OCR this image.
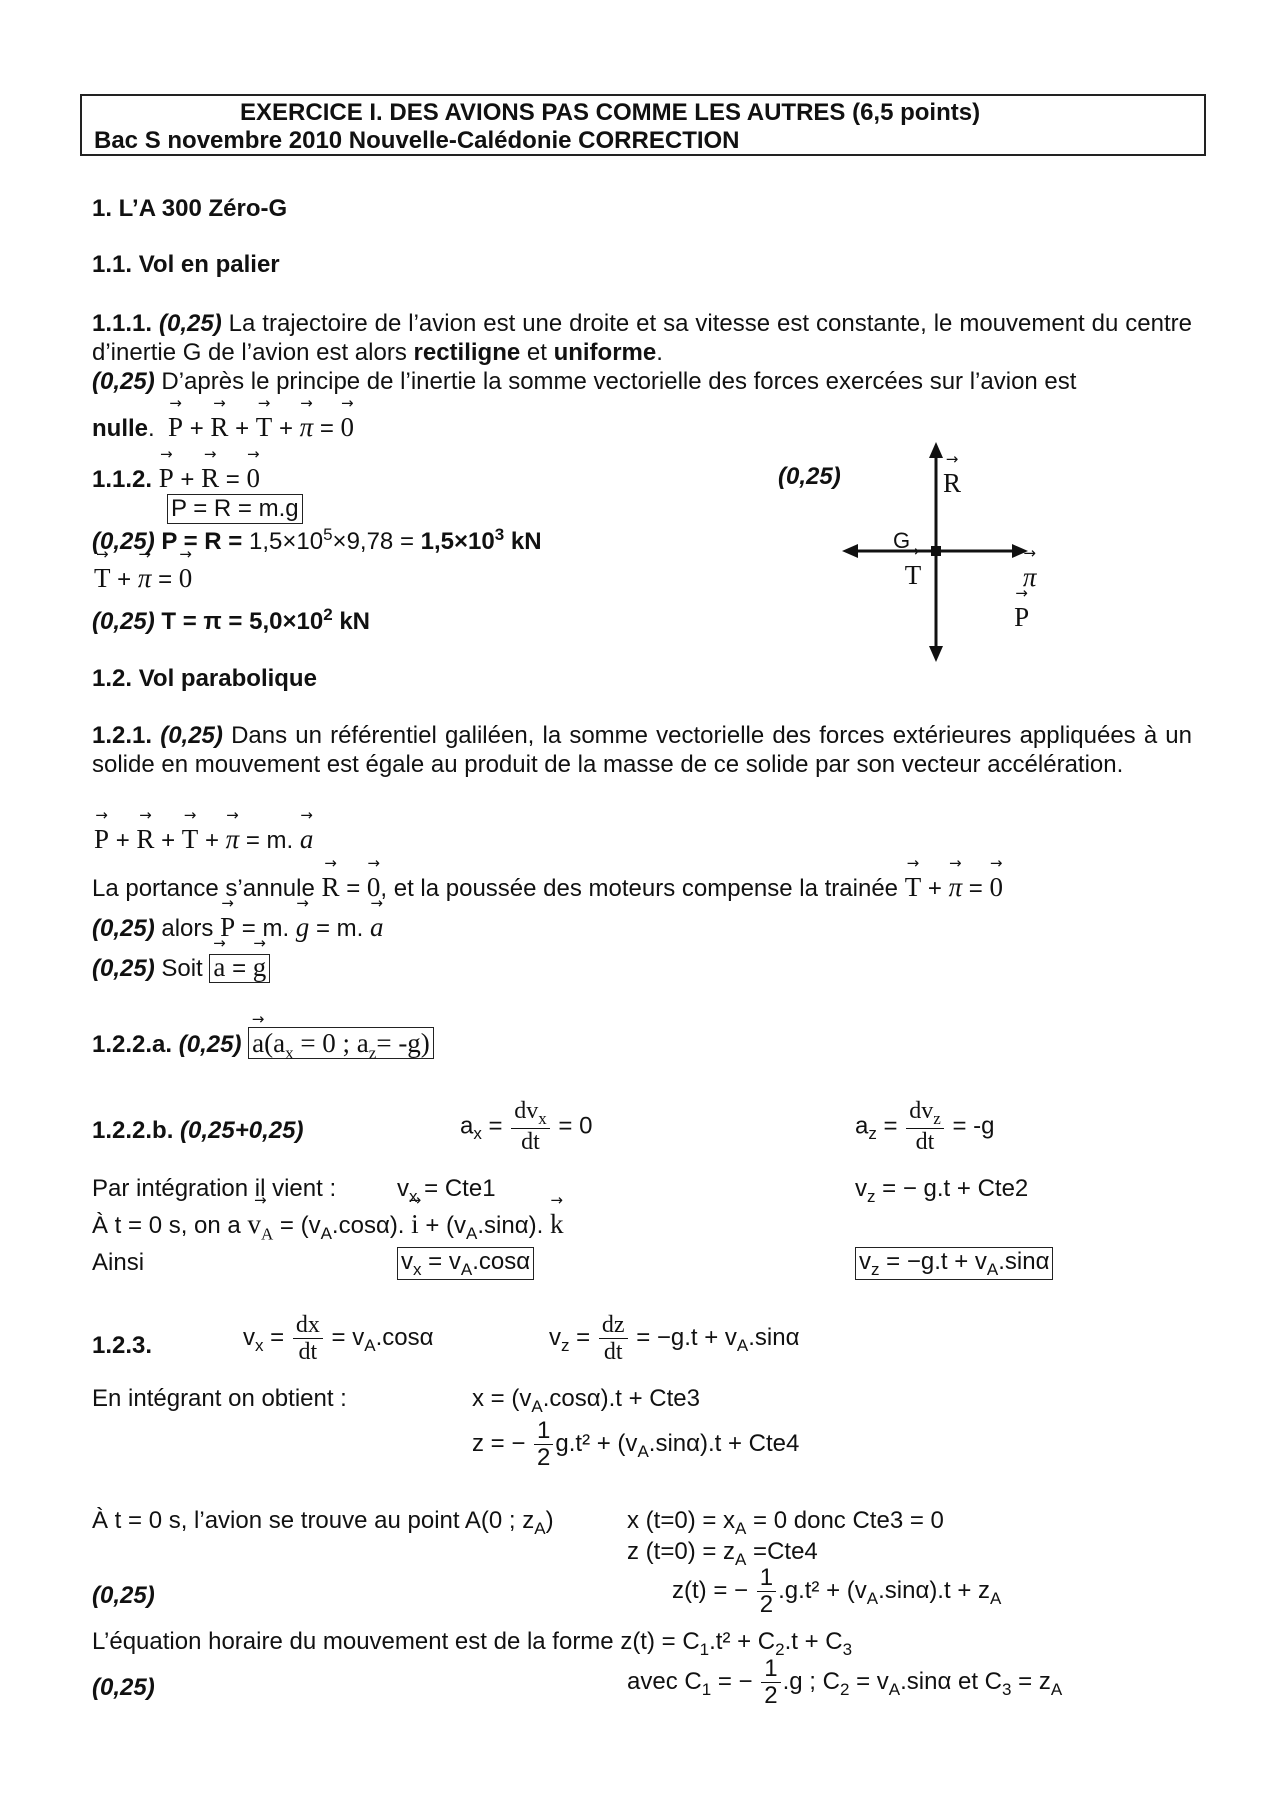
EXERCICE I. DES AVIONS PAS COMME LES AUTRES (6,5 points)
Bac S novembre 2010 Nouvelle-Calédonie CORRECTION
1. L’A 300 Zéro-G
1.1. Vol en palier
1.1.1. (0,25) La trajectoire de l’avion est une droite et sa vitesse est constante, le mouvement du centre d’inertie G de l’avion est alors rectiligne et uniforme.
(0,25) D’après le principe de l’inertie la somme vectorielle des forces exercées sur l’avion est
nulle. → P + → R + → T + → π = → 0
1.1.2. → P + → R = → 0	(0,25)
P = R = m.g
(0,25) $P = R = 1,5\times 10^5\times 9,78 = 1,5\times 10^3$ kN
→ T + → π = → 0
(0,25) $T = \pi = 5,0\times 10^2$ kN
G
→ R → T	→ π → P
1.2. Vol parabolique
1.2.1. (0,25) Dans un référentiel galiléen, la somme vectorielle des forces extérieures appliquées à un solide en mouvement est égale au produit de la masse de ce solide par son vecteur accélération.
→ P + → R + → T + → π = m. → a
La portance s’annule → R = → 0, et la poussée des moteurs compense la trainée → T + → π = → 0
(0,25) alors → P = m. → g = m. → a
(0,25) Soit → a = → g
1.2.2.a. $(0,25) \to a(a_x = 0$ ; $a_z= -g$)
1.2.2.b. (0,25+0,25)	$a_x = \frac{dv_x}{dt} = 0$	$a_z = \frac{dv_z}{dt} = -g$
Par intégration il vient :	$v_x = Cte1$	$v_z$ = − g.t + Cte2
À t = 0 s, on $a \to v_A = (v_A.\cos\alpha)$. → $i + (v_A.\sin\alpha)$. → k
Ainsi	$v_x = v_A.\cos\alpha$	$v_z = -g.t + v_A.\sin\alpha$
1.2.3.	$v_x = \frac{dx}{dt} = v_A.\cos\alpha$	$v_z = \frac{dz}{dt} = -g.t + v_A.\sin\alpha$
En intégrant on obtient :	$x = (v_A.\cos\alpha).t + Cte3$
z = − $\frac{1}{2} g.t^2 + (v_A.\sin\alpha).t + Cte4$
À t = 0 s, l’avion se trouve au point A(0 ; $z_A$)	x $(t=0) = x_A = 0$ donc Cte3 = 0
z $(t=0) = z_A =Cte4$
(0,25)	z(t) = − $\frac{1}{2} .g.t^2 + (v_A.\sin\alpha).t + z_A$
L’équation horaire du mouvement est de la forme $z(t) = C_1.t^2 + C_2.t + C_3$
(0,25)	avec $C_1$ = − $\frac{1}{2} .g$ ; $C_2 = v_A.\sin\alpha$ et $C_3 = z_A$
